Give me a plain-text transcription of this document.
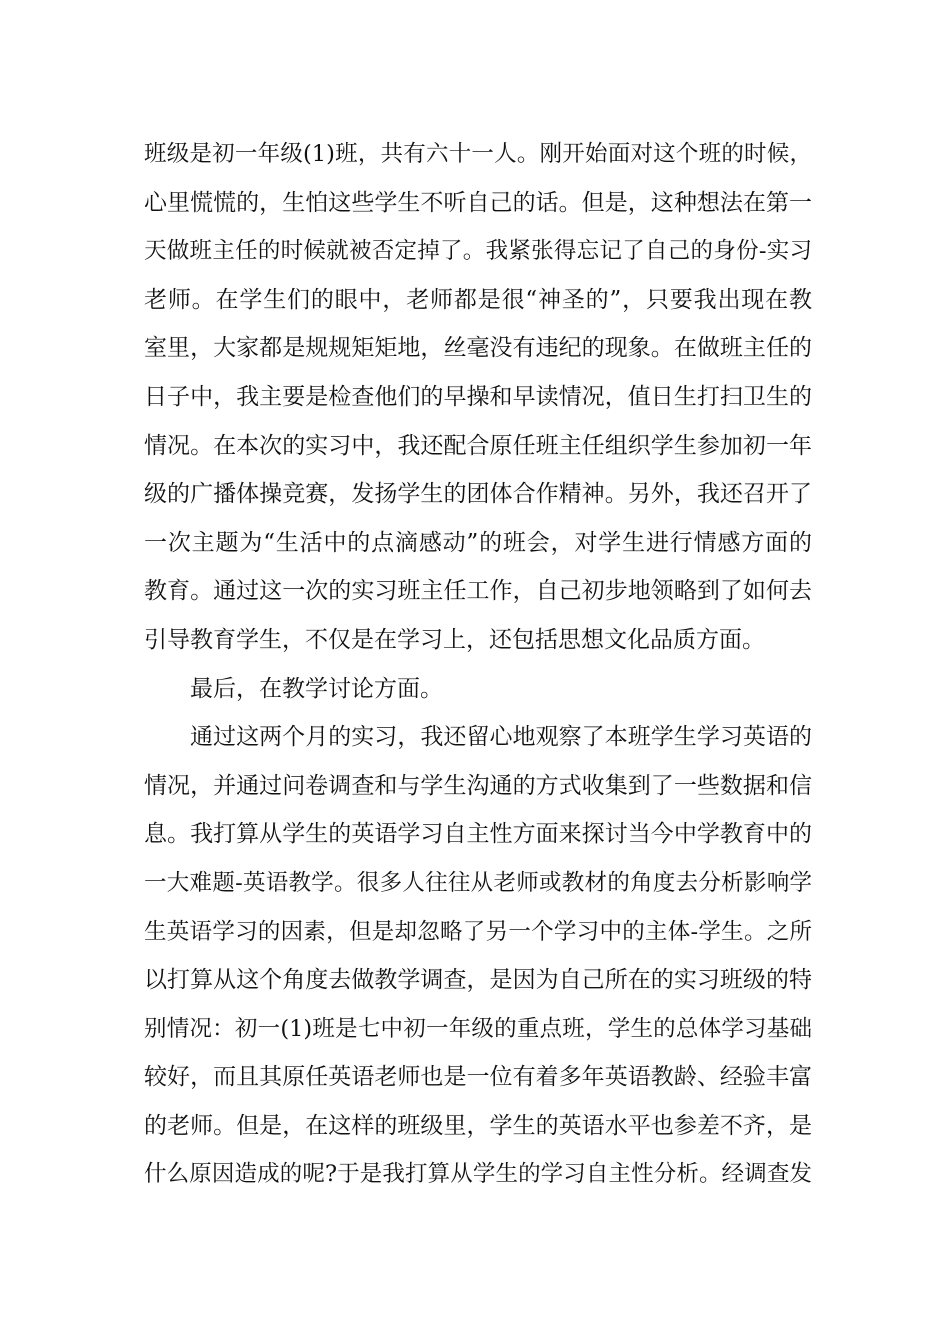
班级是初一年级(1)班，共有六十一人。刚开始面对这个班的时候，
心里慌慌的，生怕这些学生不听自己的话。但是，这种想法在第一
天做班主任的时候就被否定掉了。我紧张得忘记了自己的身份-实习
老师。在学生们的眼中，老师都是很“神圣的”，只要我出现在教
室里，大家都是规规矩矩地，丝毫没有违纪的现象。在做班主任的
日子中，我主要是检查他们的早操和早读情况，值日生打扫卫生的
情况。在本次的实习中，我还配合原任班主任组织学生参加初一年
级的广播体操竞赛，发扬学生的团体合作精神。另外，我还召开了
一次主题为“生活中的点滴感动”的班会，对学生进行情感方面的
教育。通过这一次的实习班主任工作，自己初步地领略到了如何去
引导教育学生，不仅是在学习上，还包括思想文化品质方面。
最后，在教学讨论方面。
通过这两个月的实习，我还留心地观察了本班学生学习英语的
情况，并通过问卷调查和与学生沟通的方式收集到了一些数据和信
息。我打算从学生的英语学习自主性方面来探讨当今中学教育中的
一大难题-英语教学。很多人往往从老师或教材的角度去分析影响学
生英语学习的因素，但是却忽略了另一个学习中的主体-学生。之所
以打算从这个角度去做教学调查，是因为自己所在的实习班级的特
别情况：初一(1)班是七中初一年级的重点班，学生的总体学习基础
较好，而且其原任英语老师也是一位有着多年英语教龄、经验丰富
的老师。但是，在这样的班级里，学生的英语水平也参差不齐，是
什么原因造成的呢?于是我打算从学生的学习自主性分析。经调查发
